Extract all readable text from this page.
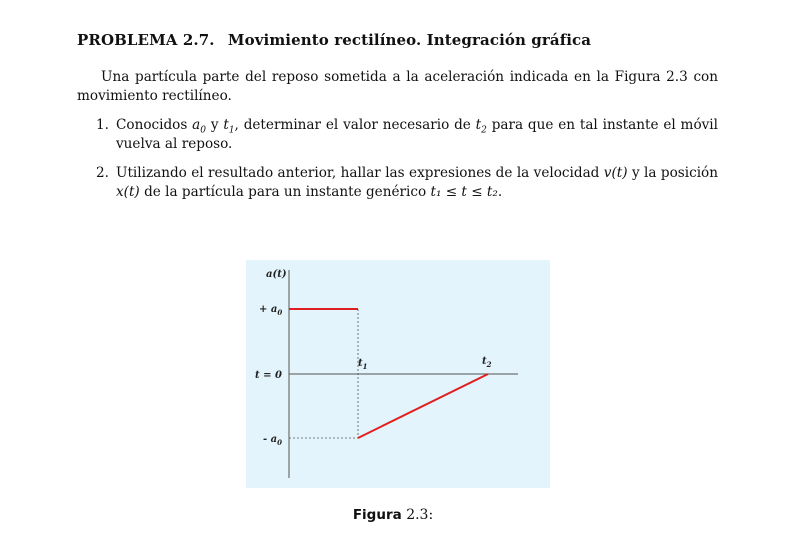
PROBLEMA 2.7. Movimiento rectilíneo. Integración gráfica
Una partícula parte del reposo sometida a la aceleración indicada en la Figura 2.3 con movimiento rectilíneo.
1. Conocidos $a_0$ y $t_1$, determinar el valor necesario de $t_2$ para que en tal instante el móvil vuelva al reposo.
2. Utilizando el resultado anterior, hallar las expresiones de la velocidad v(t) y la posición x(t) de la partícula para un instante genérico t₁ ≤ t ≤ t₂.
a(t)
+ $a_0$
t = 0
- $a_0$
$t_1$	$t_2$
Figura 2.3:
